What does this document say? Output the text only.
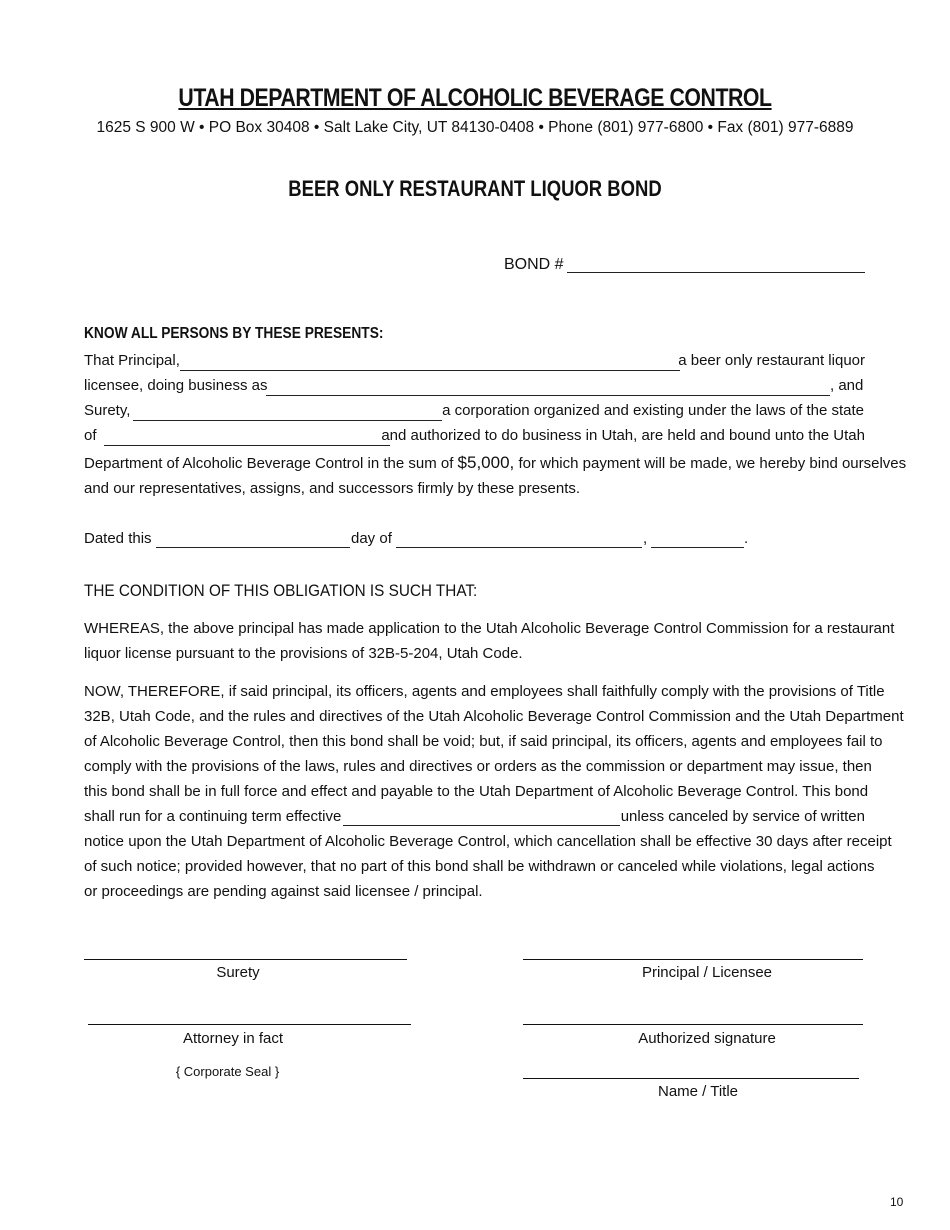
UTAH DEPARTMENT OF ALCOHOLIC BEVERAGE CONTROL
1625 S 900 W • PO Box 30408 • Salt Lake City, UT 84130-0408 • Phone (801) 977-6800 • Fax (801) 977-6889
BEER ONLY RESTAURANT LIQUOR BOND
BOND #
KNOW ALL PERSONS BY THESE PRESENTS:
That Principal,	a beer only restaurant liquor
licensee, doing business as	, and
Surety,	a corporation organized and existing under the laws of the state
of	and authorized to do business in Utah, are held and bound unto the Utah
Department of Alcoholic Beverage Control in the sum of $5,000, for which payment will be made, we hereby bind ourselves
and our representatives, assigns, and successors firmly by these presents.
Dated this	day of	,	.
THE CONDITION OF THIS OBLIGATION IS SUCH THAT:
WHEREAS, the above principal has made application to the Utah Alcoholic Beverage Control Commission for a restaurant
liquor license pursuant to the provisions of 32B-5-204, Utah Code.
NOW, THEREFORE, if said principal, its officers, agents and employees shall faithfully comply with the provisions of Title
32B, Utah Code, and the rules and directives of the Utah Alcoholic Beverage Control Commission and the Utah Department
of Alcoholic Beverage Control, then this bond shall be void; but, if said principal, its officers, agents and employees fail to
comply with the provisions of the laws, rules and directives or orders as the commission or department may issue, then
this bond shall be in full force and effect and payable to the Utah Department of Alcoholic Beverage Control. This bond
shall run for a continuing term effective	unless canceled by service of written
notice upon the Utah Department of Alcoholic Beverage Control, which cancellation shall be effective 30 days after receipt
of such notice; provided however, that no part of this bond shall be withdrawn or canceled while violations, legal actions
or proceedings are pending against said licensee / principal.
Surety	Principal / Licensee
Attorney in fact	Authorized signature
{ Corporate Seal }
Name / Title
10
